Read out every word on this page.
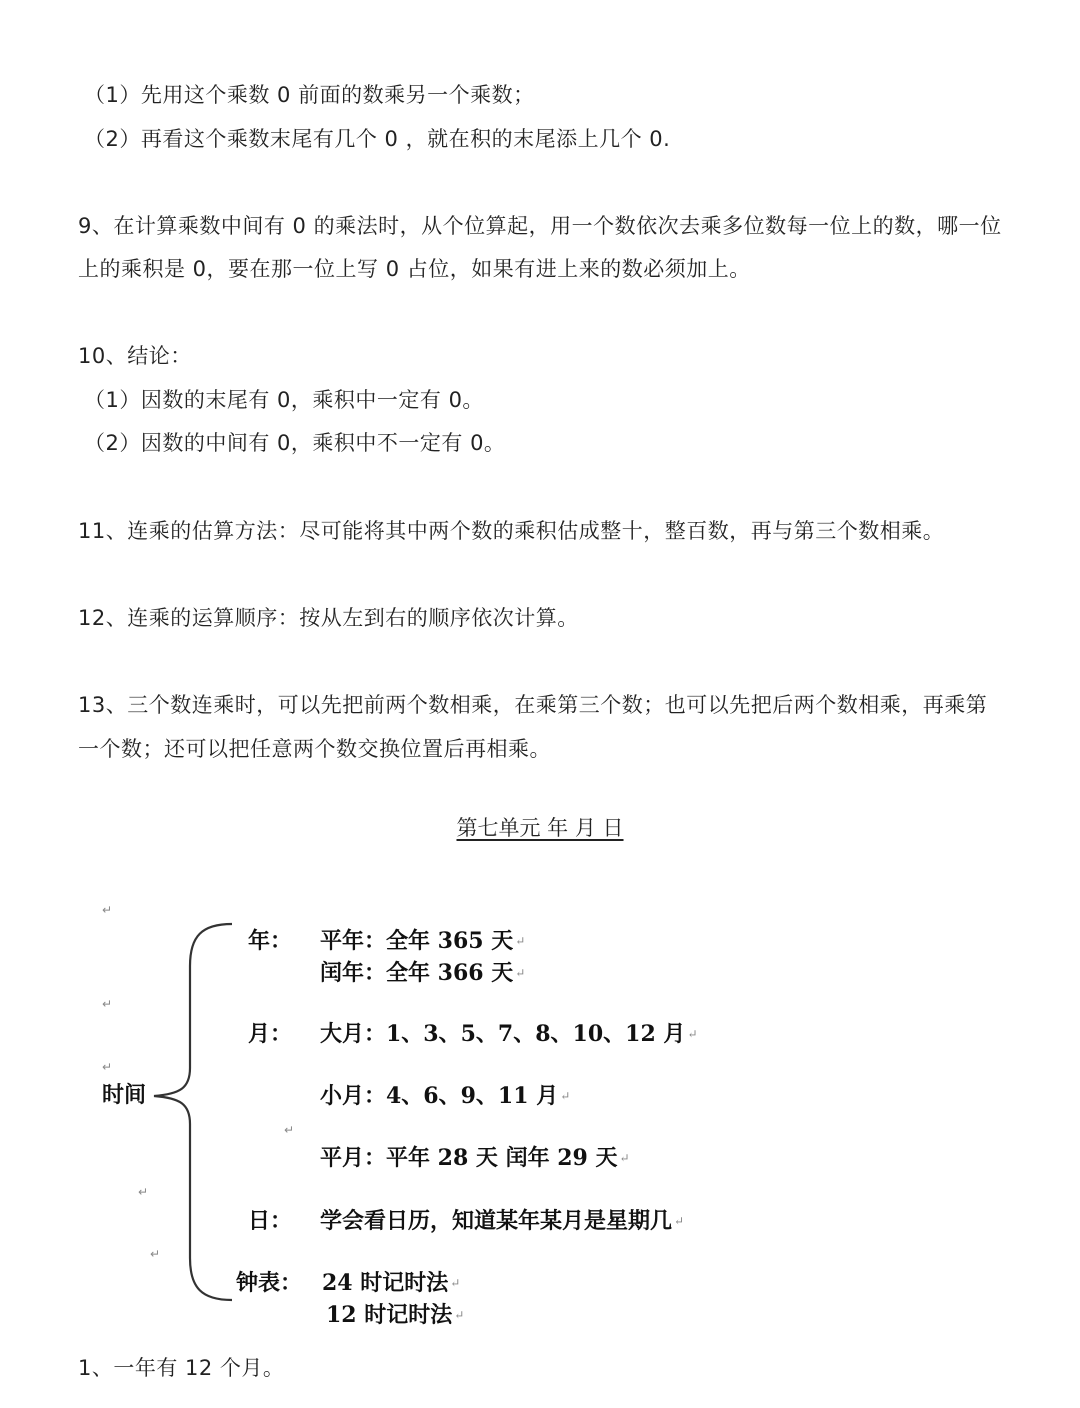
（1）先用这个乘数 0 前面的数乘另一个乘数；
（2）再看这个乘数末尾有几个 0 ，就在积的末尾添上几个 0.
9、在计算乘数中间有 0 的乘法时，从个位算起，用一个数依次去乘多位数每一位上的数，哪一位
上的乘积是 0，要在那一位上写 0 占位，如果有进上来的数必须加上。
10、结论：
（1）因数的末尾有 0，乘积中一定有 0。
（2）因数的中间有 0，乘积中不一定有 0。
11、连乘的估算方法：尽可能将其中两个数的乘积估成整十，整百数，再与第三个数相乘。
12、连乘的运算顺序：按从左到右的顺序依次计算。
13、三个数连乘时，可以先把前两个数相乘，在乘第三个数；也可以先把后两个数相乘，再乘第
一个数；还可以把任意两个数交换位置后再相乘。
第七单元 年 月 日
↵
↵
↵
↵
↵
↵
时间
年： 平年：全年 365 天 ↵
闰年：全年 366 天 ↵
月： 大月：1、3、5、7、8、10、12 月 ↵
小月：4、6、9、11 月 ↵
平月：平年 28 天 闰年 29 天 ↵
日： 学会看日历，知道某年某月是星期几 ↵
钟表： 24 时记时法 ↵
12 时记时法 ↵
1、一年有 12 个月。
